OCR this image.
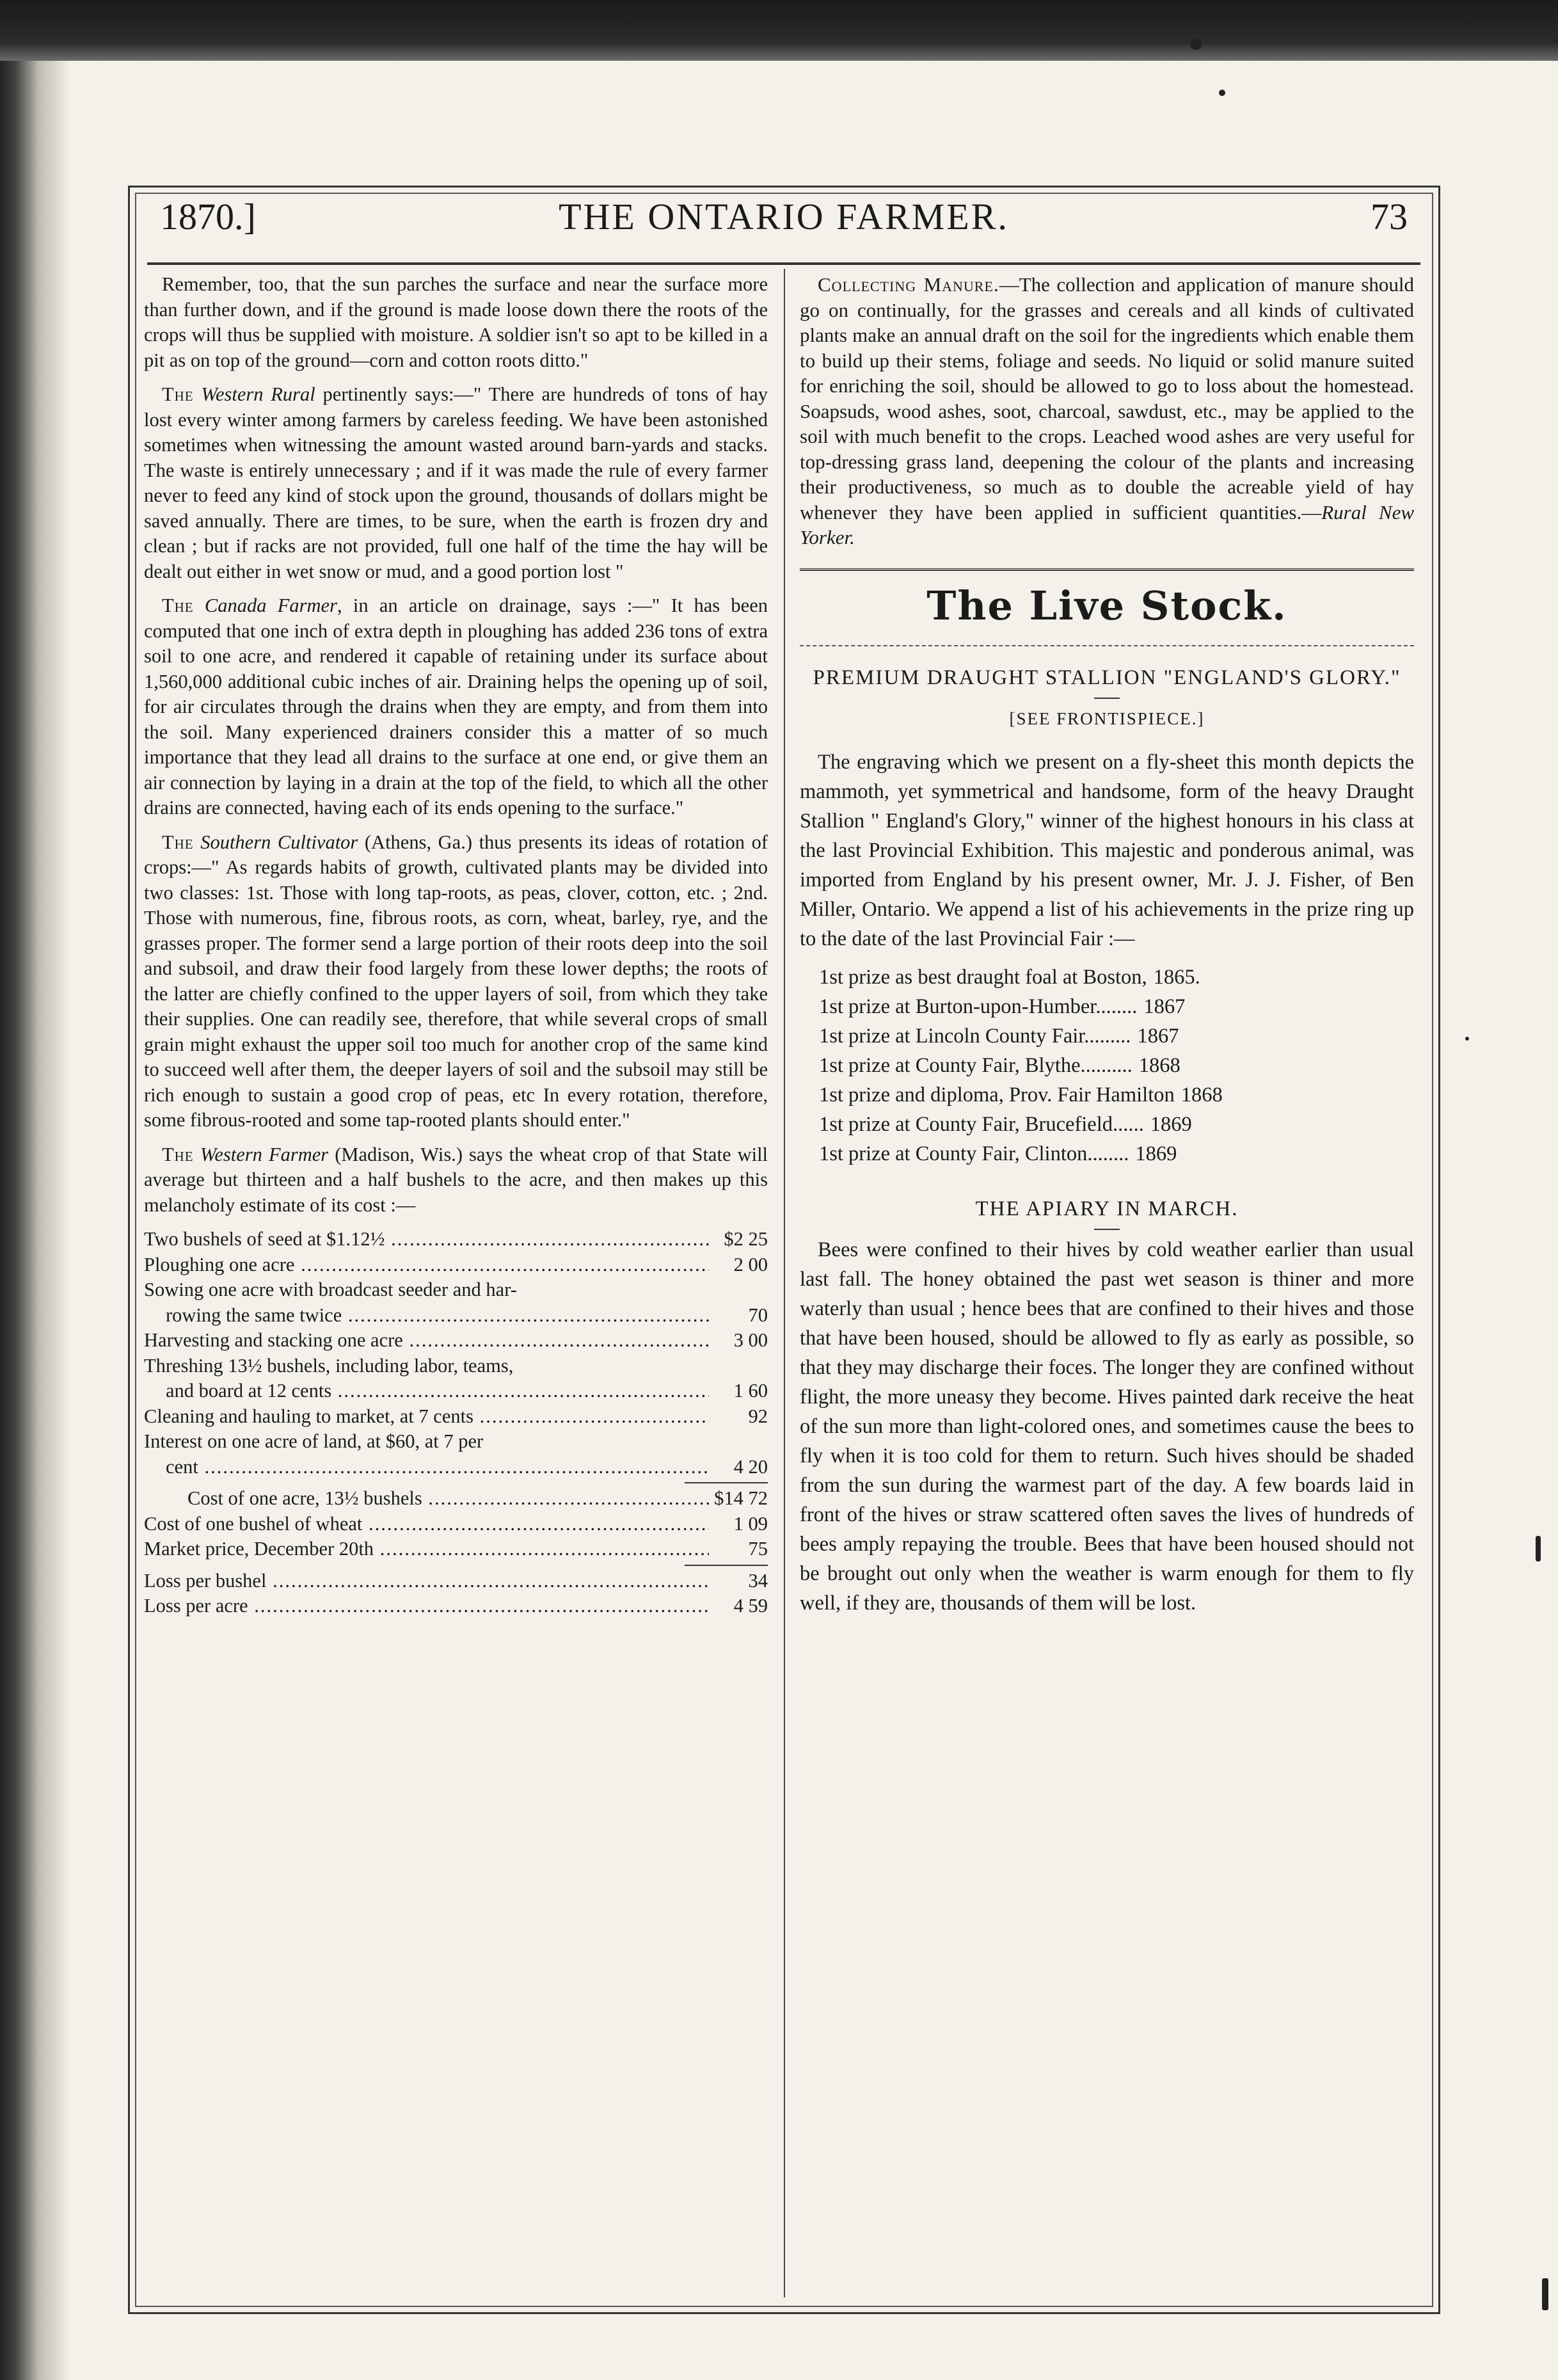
1870.]	THE ONTARIO FARMER.	73

Remember, too, that the sun parches the surface and near the surface more than further down, and if the ground is made loose down there the roots of the crops will thus be supplied with moisture. A soldier isn't so apt to be killed in a pit as on top of the ground—corn and cotton roots ditto."

The Western Rural pertinently says:—" There are hundreds of tons of hay lost every winter among farmers by careless feeding. We have been astonished sometimes when witnessing the amount wasted around barn-yards and stacks. The waste is entirely unnecessary ; and if it was made the rule of every farmer never to feed any kind of stock upon the ground, thousands of dollars might be saved annually. There are times, to be sure, when the earth is frozen dry and clean ; but if racks are not provided, full one half of the time the hay will be dealt out either in wet snow or mud, and a good portion lost "

The Canada Farmer, in an article on drainage, says :—" It has been computed that one inch of extra depth in ploughing has added 236 tons of extra soil to one acre, and rendered it capable of retaining under its surface about 1,560,000 additional cubic inches of air. Draining helps the opening up of soil, for air circulates through the drains when they are empty, and from them into the soil. Many experienced drainers consider this a matter of so much importance that they lead all drains to the surface at one end, or give them an air connection by laying in a drain at the top of the field, to which all the other drains are connected, having each of its ends opening to the surface."

The Southern Cultivator (Athens, Ga.) thus presents its ideas of rotation of crops:—" As regards habits of growth, cultivated plants may be divided into two classes: 1st. Those with long tap-roots, as peas, clover, cotton, etc. ; 2nd. Those with numerous, fine, fibrous roots, as corn, wheat, barley, rye, and the grasses proper. The former send a large portion of their roots deep into the soil and subsoil, and draw their food largely from these lower depths; the roots of the latter are chiefly confined to the upper layers of soil, from which they take their supplies. One can readily see, therefore, that while several crops of small grain might exhaust the upper soil too much for another crop of the same kind to succeed well after them, the deeper layers of soil and the subsoil may still be rich enough to sustain a good crop of peas, etc In every rotation, therefore, some fibrous-rooted and some tap-rooted plants should enter."

The Western Farmer (Madison, Wis.) says the wheat crop of that State will average but thirteen and a half bushels to the acre, and then makes up this melancholy estimate of its cost :—

Two bushels of seed at $1.12½ .....	$2 25
Ploughing one acre .....	2 00
Sowing one acre with broadcast seeder and har-
rowing the same twice .....	70
Harvesting and stacking one acre .....	3 00
Threshing 13½ bushels, including labor, teams,
and board at 12 cents .....	1 60
Cleaning and hauling to market, at 7 cents .....	92
Interest on one acre of land, at $60, at 7 per
cent .....	4 20
Cost of one acre, 13½ bushels .....	$14 72
Cost of one bushel of wheat .....	1 09
Market price, December 20th .....	75
Loss per bushel .....	34
Loss per acre .....	4 59

Collecting Manure.—The collection and application of manure should go on continually, for the grasses and cereals and all kinds of cultivated plants make an annual draft on the soil for the ingredients which enable them to build up their stems, foliage and seeds. No liquid or solid manure suited for enriching the soil, should be allowed to go to loss about the homestead. Soapsuds, wood ashes, soot, charcoal, sawdust, etc., may be applied to the soil with much benefit to the crops. Leached wood ashes are very useful for top-dressing grass land, deepening the colour of the plants and increasing their productiveness, so much as to double the acreable yield of hay whenever they have been applied in sufficient quantities.—Rural New Yorker.

The Live Stock.
PREMIUM DRAUGHT STALLION "ENGLAND'S GLORY."
[SEE FRONTISPIECE.]

The engraving which we present on a fly-sheet this month depicts the mammoth, yet symmetrical and handsome, form of the heavy Draught Stallion " England's Glory," winner of the highest honours in his class at the last Provincial Exhibition. This majestic and ponderous animal, was imported from England by his present owner, Mr. J. J. Fisher, of Ben Miller, Ontario. We append a list of his achievements in the prize ring up to the date of the last Provincial Fair :—

1st prize as best draught foal at Boston, 1865.
1st prize at Burton-upon-Humber........ 1867
1st prize at Lincoln County Fair......... 1867
1st prize at County Fair, Blythe.......... 1868
1st prize and diploma, Prov. Fair Hamilton 1868
1st prize at County Fair, Brucefield...... 1869
1st prize at County Fair, Clinton........ 1869
THE APIARY IN MARCH.

Bees were confined to their hives by cold weather earlier than usual last fall. The honey obtained the past wet season is thiner and more waterly than usual ; hence bees that are confined to their hives and those that have been housed, should be allowed to fly as early as possible, so that they may discharge their foces. The longer they are confined without flight, the more uneasy they become. Hives painted dark receive the heat of the sun more than light-colored ones, and sometimes cause the bees to fly when it is too cold for them to return. Such hives should be shaded from the sun during the warmest part of the day. A few boards laid in front of the hives or straw scattered often saves the lives of hundreds of bees amply repaying the trouble. Bees that have been housed should not be brought out only when the weather is warm enough for them to fly well, if they are, thousands of them will be lost.
